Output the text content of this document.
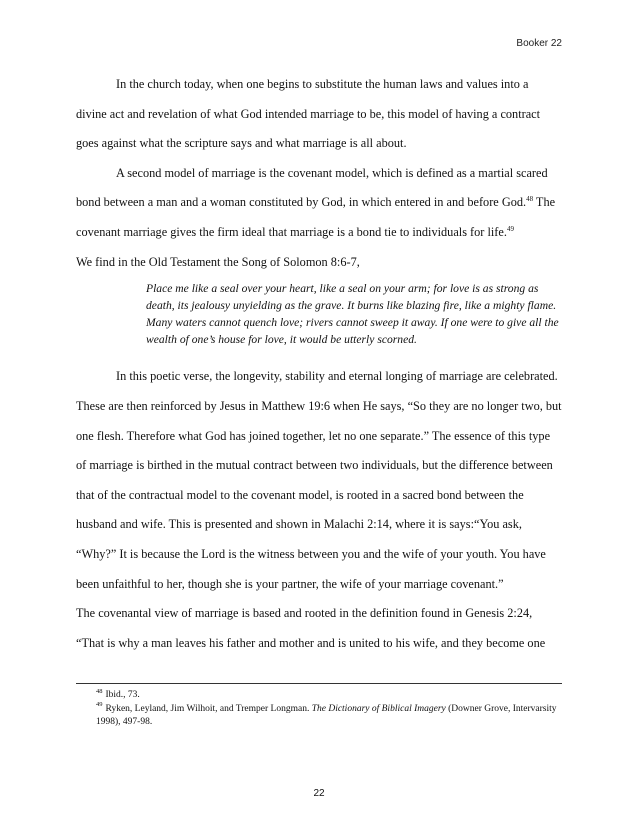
Booker 22

In the church today, when one begins to substitute the human laws and values into a divine act and revelation of what God intended marriage to be, this model of having a contract goes against what the scripture says and what marriage is all about.

A second model of marriage is the covenant model, which is defined as a martial scared bond between a man and a woman constituted by God, in which entered in and before God.$^{48}$ The covenant marriage gives the firm ideal that marriage is a bond tie to individuals for life.$^{49}$

We find in the Old Testament the Song of Solomon 8:6-7,

Place me like a seal over your heart, like a seal on your arm; for love is as strong as death, its jealousy unyielding as the grave. It burns like blazing fire, like a mighty flame.

Many waters cannot quench love; rivers cannot sweep it away. If one were to give all the wealth of one’s house for love, it would be utterly scorned.

In this poetic verse, the longevity, stability and eternal longing of marriage are celebrated. These are then reinforced by Jesus in Matthew 19:6 when He says, “So they are no longer two, but one flesh. Therefore what God has joined together, let no one separate.” The essence of this type of marriage is birthed in the mutual contract between two individuals, but the difference between that of the contractual model to the covenant model, is rooted in a sacred bond between the husband and wife. This is presented and shown in Malachi 2:14, where it is says:“You ask, “Why?” It is because the Lord is the witness between you and the wife of your youth. You have been unfaithful to her, though she is your partner, the wife of your marriage covenant.”

The covenantal view of marriage is based and rooted in the definition found in Genesis 2:24, “That is why a man leaves his father and mother and is united to his wife, and they become one

$^{48}$ Ibid., 73.

$^{49}$ Ryken, Leyland, Jim Wilhoit, and Tremper Longman. The Dictionary of Biblical Imagery (Downer Grove, Intervarsity 1998), 497-98.

22
